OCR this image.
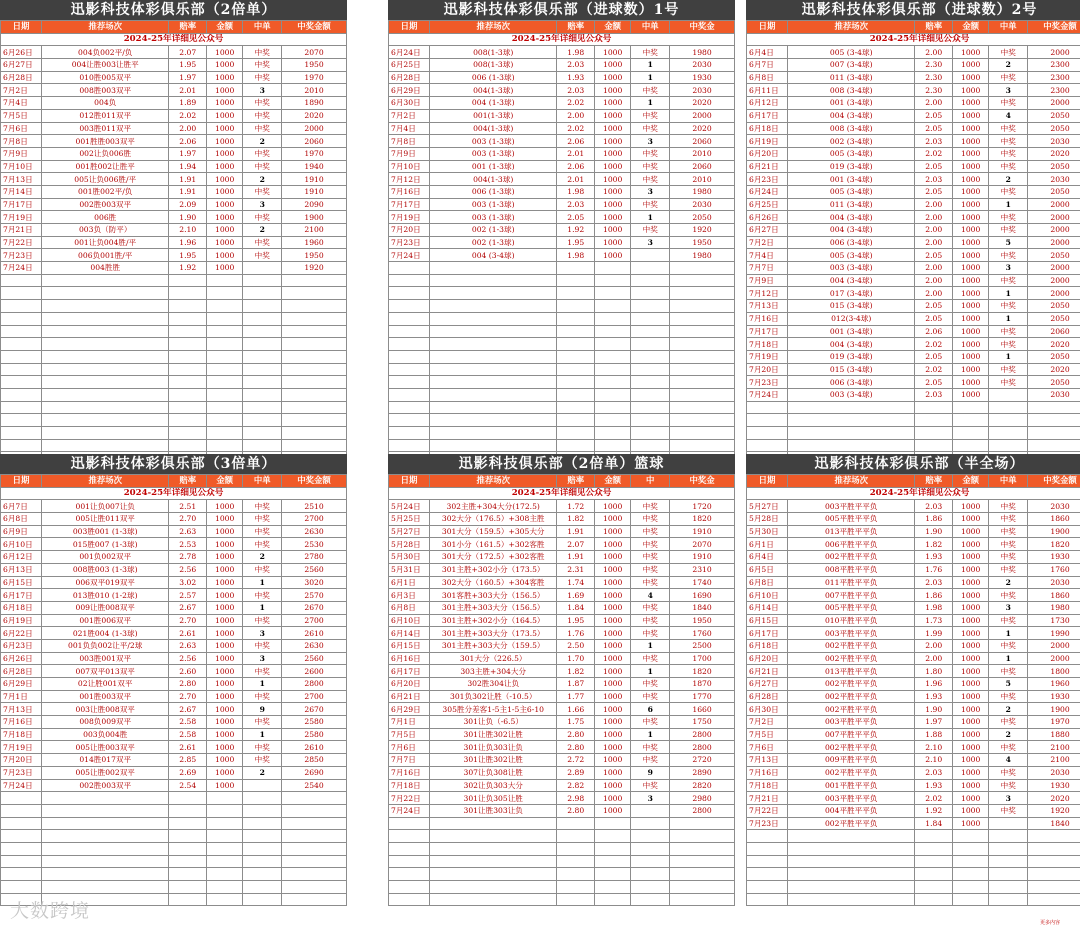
迅影科技体彩俱乐部（2倍单）
日期	推荐场次	赔率	金额	中单	中奖金额
2024-25年详细见公众号					
6月26日	004负002平/负	2.07	1000	中奖	2070
6月27日	004让胜003让胜平	1.95	1000	中奖	1950
6月28日	010胜005双平	1.97	1000	中奖	1970
7月2日	008胜003双平	2.01	1000	3	2010
7月4日	004负	1.89	1000	中奖	1890
7月5日	012胜011双平	2.02	1000	中奖	2020
7月6日	003胜011双平	2.00	1000	中奖	2000
7月8日	001胜胜003双平	2.06	1000	2	2060
7月9日	002让负006胜	1.97	1000	中奖	1970
7月10日	001胜002让胜平	1.94	1000	中奖	1940
7月13日	005让负006胜/平	1.91	1000	2	1910
7月14日	001胜002平/负	1.91	1000	中奖	1910
7月17日	002胜003双平	2.09	1000	3	2090
7月19日	006胜	1.90	1000	中奖	1900
7月21日	003负（防平）	2.10	1000	2	2100
7月22日	001让负004胜/平	1.96	1000	中奖	1960
7月23日	006负001胜/平	1.95	1000	中奖	1950
7月24日	004胜胜	1.92	1000		1920

迅影科技体彩俱乐部（进球数）1号
日期	推荐场次	赔率	金额	中单	中奖金
2024-25年详细见公众号					
6月24日	008(1-3球)	1.98	1000	中奖	1980
6月25日	008(1-3球)	2.03	1000	1	2030
6月28日	006 (1-3球)	1.93	1000	1	1930
6月29日	004(1-3球)	2.03	1000	中奖	2030
6月30日	004 (1-3球)	2.02	1000	1	2020
7月2日	001(1-3球)	2.00	1000	中奖	2000
7月4日	004(1-3球)	2.02	1000	中奖	2020
7月8日	003 (1-3球)	2.06	1000	3	2060
7月9日	003 (1-3球)	2.01	1000	中奖	2010
7月10日	001 (1-3球)	2.06	1000	中奖	2060
7月12日	004(1-3球)	2.01	1000	中奖	2010
7月16日	006 (1-3球)	1.98	1000	3	1980
7月17日	003 (1-3球)	2.03	1000	中奖	2030
7月19日	003 (1-3球)	2.05	1000	1	2050
7月20日	002 (1-3球)	1.92	1000	中奖	1920
7月23日	002 (1-3球)	1.95	1000	3	1950
7月24日	004 (3-4球)	1.98	1000		1980

迅影科技体彩俱乐部（进球数）2号
日期	推荐场次	赔率	金额	中单	中奖金额
2024-25年详细见公众号					
6月4日	005 (3-4球)	2.00	1000	中奖	2000
6月7日	007 (3-4球)	2.30	1000	2	2300
6月8日	011 (3-4球)	2.30	1000	中奖	2300
6月11日	008 (3-4球)	2.30	1000	3	2300
6月12日	001 (3-4球)	2.00	1000	中奖	2000
6月17日	004 (3-4球)	2.05	1000	4	2050
6月18日	008 (3-4球)	2.05	1000	中奖	2050
6月19日	002 (3-4球)	2.03	1000	中奖	2030
6月20日	005 (3-4球)	2.02	1000	中奖	2020
6月21日	019 (3-4球)	2.05	1000	中奖	2050
6月23日	001 (3-4球)	2.03	1000	2	2030
6月24日	005 (3-4球)	2.05	1000	中奖	2050
6月25日	011 (3-4球)	2.00	1000	1	2000
6月26日	004 (3-4球)	2.00	1000	中奖	2000
6月27日	004 (3-4球)	2.00	1000	中奖	2000
7月2日	006 (3-4球)	2.00	1000	5	2000
7月4日	005 (3-4球)	2.05	1000	中奖	2050
7月7日	003 (3-4球)	2.00	1000	3	2000
7月9日	004 (3-4球)	2.00	1000	中奖	2000
7月12日	017 (3-4球)	2.00	1000	1	2000
7月13日	015 (3-4球)	2.05	1000	中奖	2050
7月16日	012(3-4球)	2.05	1000	1	2050
7月17日	001 (3-4球)	2.06	1000	中奖	2060
7月18日	004 (3-4球)	2.02	1000	中奖	2020
7月19日	019 (3-4球)	2.05	1000	1	2050
7月20日	015 (3-4球)	2.02	1000	中奖	2020
7月23日	006 (3-4球)	2.05	1000	中奖	2050
7月24日	003 (3-4球)	2.03	1000		2030

迅影科技体彩俱乐部（3倍单）
日期	推荐场次	赔率	金额	中单	中奖金额
2024-25年详细见公众号					
6月7日	001让负007让负	2.51	1000	中奖	2510
6月8日	005让胜011双平	2.70	1000	中奖	2700
6月9日	003胜001 (1-3球)	2.63	1000	中奖	2630
6月10日	015胜007 (1-3球)	2.53	1000	中奖	2530
6月12日	001负002双平	2.78	1000	2	2780
6月13日	008胜003 (1-3球)	2.56	1000	中奖	2560
6月15日	006双平019双平	3.02	1000	1	3020
6月17日	013胜010 (1-2球)	2.57	1000	中奖	2570
6月18日	009让胜008双平	2.67	1000	1	2670
6月19日	001胜006双平	2.70	1000	中奖	2700
6月22日	021胜004 (1-3球)	2.61	1000	3	2610
6月23日	001负负002让平/2球	2.63	1000	中奖	2630
6月26日	003胜001双平	2.56	1000	3	2560
6月28日	007双平013双平	2.60	1000	中奖	2600
6月29日	02让胜001双平	2.80	1000	1	2800
7月1日	001胜003双平	2.70	1000	中奖	2700
7月13日	003让胜008双平	2.67	1000	9	2670
7月16日	008负009双平	2.58	1000	中奖	2580
7月18日	003负004胜	2.58	1000	1	2580
7月19日	005让胜003双平	2.61	1000	中奖	2610
7月20日	014胜017双平	2.85	1000	中奖	2850
7月23日	005让胜002双平	2.69	1000	2	2690
7月24日	002胜003双平	2.54	1000		2540

迅影科技俱乐部（2倍单）篮球
日期	推荐场次	赔率	金额	中	中奖金
2024-25年详细见公众号					
5月24日	302主胜+304大分(172.5)	1.72	1000	中奖	1720
5月25日	302大分（176.5）+308主胜	1.82	1000	中奖	1820
5月27日	301大分（159.5）+305大分	1.91	1000	中奖	1910
5月28日	301小分（161.5）+302客胜	2.07	1000	中奖	2070
5月30日	301大分（172.5）+302客胜	1.91	1000	中奖	1910
5月31日	301主胜+302小分（173.5）	2.31	1000	中奖	2310
6月1日	302大分（160.5）+304客胜	1.74	1000	中奖	1740
6月3日	301客胜+303大分（156.5）	1.69	1000	4	1690
6月8日	301主胜+303大分（156.5）	1.84	1000	中奖	1840
6月10日	301主胜+302小分（164.5）	1.95	1000	中奖	1950
6月14日	301主胜+303大分（173.5）	1.76	1000	中奖	1760
6月15日	301主胜+303大分（159.5）	2.50	1000	1	2500
6月16日	301大分（226.5）	1.70	1000	中奖	1700
6月17日	303主胜+304大分	1.82	1000	1	1820
6月20日	302胜304让负	1.87	1000	中奖	1870
6月21日	301负302让胜（-10.5）	1.77	1000	中奖	1770
6月29日	305胜分差客1-5主1-5主6-10	1.66	1000	6	1660
7月1日	301让负（-6.5）	1.75	1000	中奖	1750
7月5日	301让胜302让胜	2.80	1000	1	2800
7月6日	301让负303让负	2.80	1000	中奖	2800
7月7日	301让胜302让胜	2.72	1000	中奖	2720
7月16日	307让负308让胜	2.89	1000	9	2890
7月18日	302让负303大分	2.82	1000	中奖	2820
7月22日	301让负305让胜	2.98	1000	3	2980
7月24日	301让胜303让负	2.80	1000		2800

迅影科技体彩俱乐部（半全场）
日期	推荐场次	赔率	金额	中单	中奖金额
2024-25年详细见公众号					
5月27日	003平胜平平负	2.03	1000	中奖	2030
5月28日	005平胜平平负	1.86	1000	中奖	1860
5月30日	013平胜平平负	1.90	1000	中奖	1900
6月1日	006平胜平平负	1.82	1000	中奖	1820
6月4日	002平胜平平负	1.93	1000	中奖	1930
6月5日	008平胜平平负	1.76	1000	中奖	1760
6月8日	011平胜平平负	2.03	1000	2	2030
6月10日	007平胜平平负	1.86	1000	中奖	1860
6月14日	005平胜平平负	1.98	1000	3	1980
6月15日	010平胜平平负	1.73	1000	中奖	1730
6月17日	003平胜平平负	1.99	1000	1	1990
6月18日	002平胜平平负	2.00	1000	中奖	2000
6月20日	002平胜平平负	2.00	1000	1	2000
6月21日	013平胜平平负	1.80	1000	中奖	1800
6月27日	002平胜平平负	1.96	1000	5	1960
6月28日	002平胜平平负	1.93	1000	中奖	1930
6月30日	002平胜平平负	1.90	1000	2	1900
7月2日	003平胜平平负	1.97	1000	中奖	1970
7月5日	007平胜平平负	1.88	1000	2	1880
7月6日	002平胜平平负	2.10	1000	中奖	2100
7月13日	009平胜平平负	2.10	1000	4	2100
7月16日	002平胜平平负	2.03	1000	中奖	2030
7月18日	001平胜平平负	1.93	1000	中奖	1930
7月21日	003平胜平平负	2.02	1000	3	2020
7月22日	004平胜平平负	1.92	1000	中奖	1920
7月23日	002平胜平平负	1.84	1000		1840

大数跨境
更多内容
